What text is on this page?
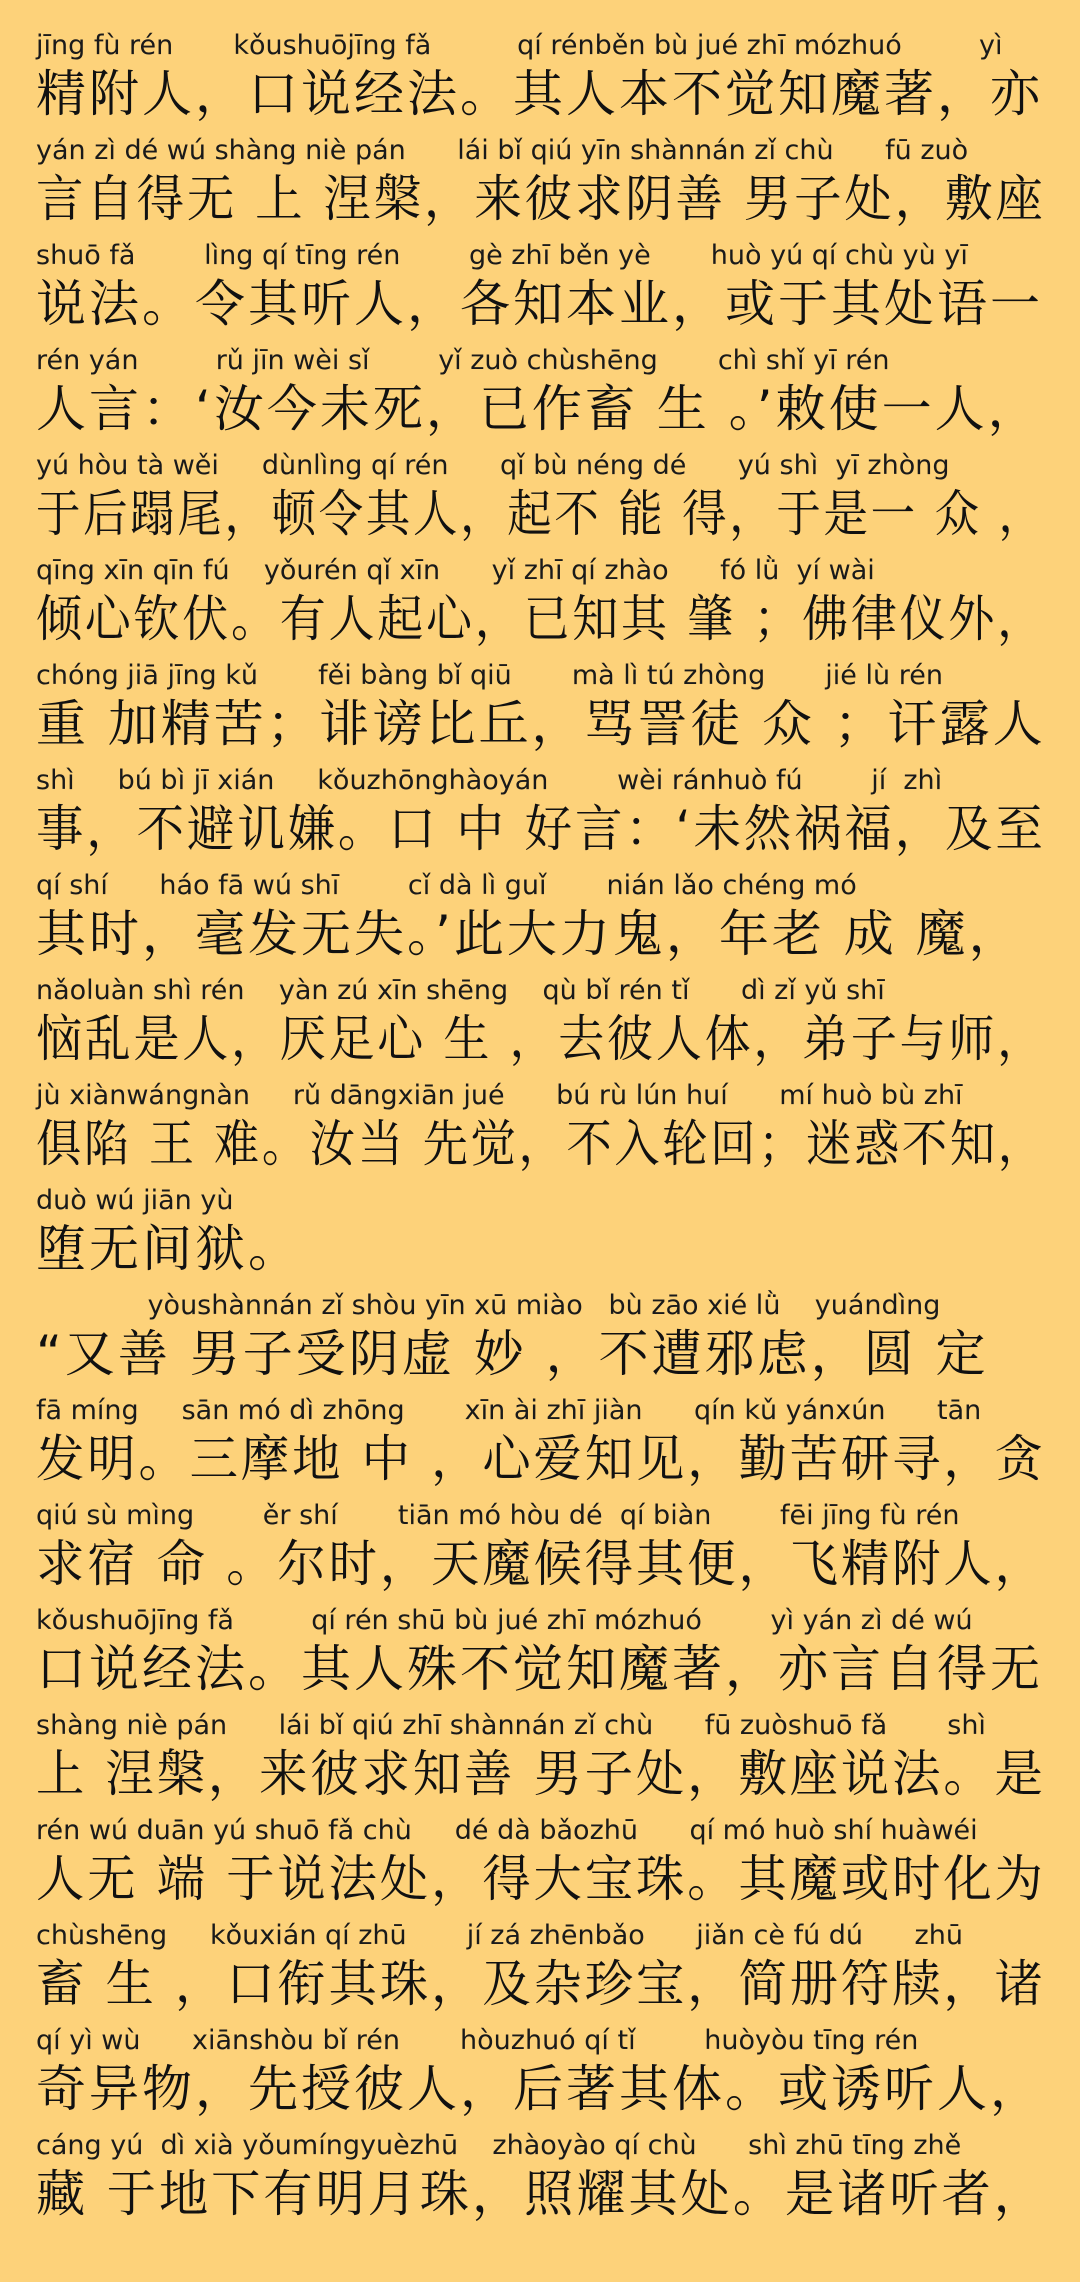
jīng fù rén       kǒushuōjīng fǎ          qí rénběn bù jué zhī mózhuó         yì
精附人，口说经法。其人本不觉知魔著，亦
yán zì dé wú shàng niè pán      lái bǐ qiú yīn shànnán zǐ chù      fū zuò
言自得无 上 涅槃，来彼求阴善 男子处，敷座
shuō fǎ        lìng qí tīng rén        gè zhī běn yè       huò yú qí chù yù yī
说法。令其听人，各知本业，或于其处语一
rén yán         rǔ jīn wèi sǐ        yǐ zuò chùshēng       chì shǐ yī rén
人言：‘汝今未死，已作畜 生 。’敕使一人，
yú hòu tà wěi     dùnlìng qí rén      qǐ bù néng dé      yú shì  yī zhòng
于后蹋尾，顿令其人，起不 能 得，于是一 众 ，
qīng xīn qīn fú    yǒurén qǐ xīn      yǐ zhī qí zhào      fó lǜ  yí wài
倾心钦伏。有人起心，已知其 肇 ；佛律仪外，
chóng jiā jīng kǔ       fěi bàng bǐ qiū       mà lì tú zhòng       jié lù rén
重 加精苦；诽谤比丘，骂詈徒 众 ；讦露人
shì     bú bì jī xián     kǒuzhōnghàoyán        wèi ránhuò fú        jí  zhì
事，不避讥嫌。口 中 好言：‘未然祸福，及至
qí shí      háo fā wú shī        cǐ dà lì guǐ       nián lǎo chéng mó
其时，毫发无失。’此大力鬼，年老 成 魔，
nǎoluàn shì rén    yàn zú xīn shēng    qù bǐ rén tǐ      dì zǐ yǔ shī
恼乱是人，厌足心 生 ，去彼人体，弟子与师，
jù xiànwángnàn     rǔ dāngxiān jué      bú rù lún huí      mí huò bù zhī
俱陷 王 难。汝当 先觉，不入轮回；迷惑不知，
duò wú jiān yù
堕无间狱。
yòushànnán zǐ shòu yīn xū miào   bù zāo xié lǜ    yuándìng
“又善 男子受阴虚 妙 ，不遭邪虑，圆 定
fā míng     sān mó dì zhōng       xīn ài zhī jiàn      qín kǔ yánxún      tān
发明。三摩地 中 ，心爱知见，勤苦研寻，贪
qiú sù mìng        ěr shí       tiān mó hòu dé  qí biàn        fēi jīng fù rén
求宿 命 。尔时，天魔候得其便，飞精附人，
kǒushuōjīng fǎ         qí rén shū bù jué zhī mózhuó        yì yán zì dé wú
口说经法。其人殊不觉知魔著，亦言自得无
shàng niè pán      lái bǐ qiú zhī shànnán zǐ chù      fū zuòshuō fǎ       shì
上 涅槃，来彼求知善 男子处，敷座说法。是
rén wú duān yú shuō fǎ chù     dé dà bǎozhū      qí mó huò shí huàwéi
人无 端 于说法处，得大宝珠。其魔或时化为
chùshēng     kǒuxián qí zhū       jí zá zhēnbǎo      jiǎn cè fú dú      zhū
畜 生 ，口衔其珠，及杂珍宝，简册符牍，诸
qí yì wù      xiānshòu bǐ rén       hòuzhuó qí tǐ        huòyòu tīng rén
奇异物，先授彼人，后著其体。或诱听人，
cáng yú  dì xià yǒumíngyuèzhū    zhàoyào qí chù      shì zhū tīng zhě
藏 于地下有明月珠，照耀其处。是诸听者，
